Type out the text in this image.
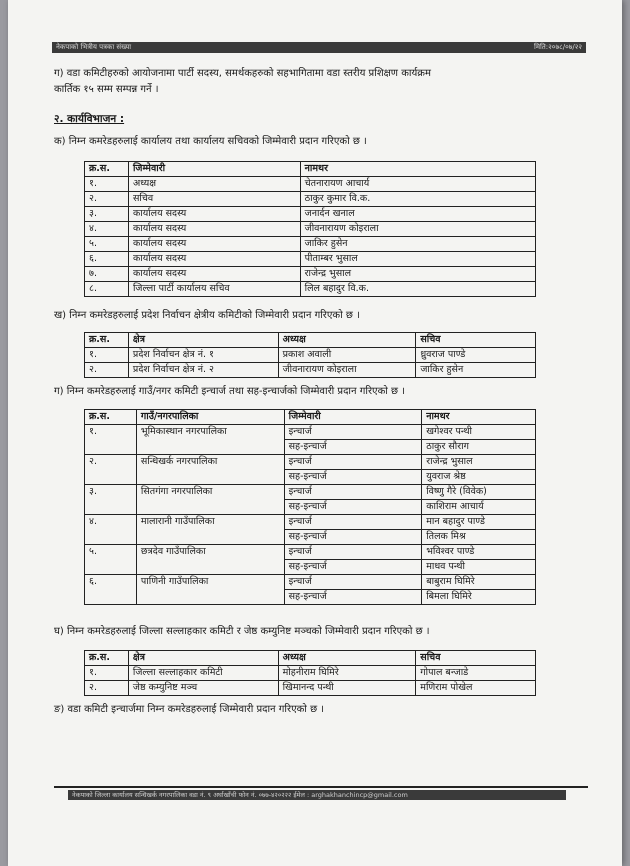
नेकपाको भित्रीय पत्रका संख्या	मिति:२०७८/०७/२२
ग) वडा कमिटीहरुको आयोजनामा पार्टी सदस्य, समर्थकहरुको सहभागितामा वडा स्तरीय प्रशिक्षण कार्यक्रम
कार्तिक १५ सम्म सम्पन्न गर्ने ।
२. कार्यविभाजन :
क) निम्न कमरेडहरुलाई कार्यालय तथा कार्यालय सचिवको जिम्मेवारी प्रदान गरिएको छ ।
क्र.स.	जिम्मेवारी	नामथर
१.	अध्यक्ष	चेतनारायण आचार्य
२.	सचिव	ठाकुर कुमार वि.क.
३.	कार्यालय सदस्य	जनार्दन खनाल
४.	कार्यालय सदस्य	जीवनारायण कोइराला
५.	कार्यालय सदस्य	जाकिर हुसेन
६.	कार्यालय सदस्य	पीताम्बर भुसाल
७.	कार्यालय सदस्य	राजेन्द्र भुसाल
८.	जिल्ला पार्टी कार्यालय सचिव	लिल बहादुर वि.क.
ख) निम्न कमरेडहरुलाई प्रदेश निर्वाचन क्षेत्रीय कमिटीको जिम्मेवारी प्रदान गरिएको छ ।
क्र.स.	क्षेत्र	अध्यक्ष	सचिव
१.	प्रदेश निर्वाचन क्षेत्र नं. १	प्रकाश अवाली	ध्रुवराज पाण्डे
२.	प्रदेश निर्वाचन क्षेत्र नं. २	जीवनारायण कोइराला	जाकिर हुसेन
ग) निम्न कमरेडहरुलाई गाउँ/नगर कमिटी इन्चार्ज तथा सह-इन्चार्जको जिम्मेवारी प्रदान गरिएको छ ।
क्र.स.	गाउँ/नगरपालिका	जिम्मेवारी	नामथर
१.	भूमिकास्थान नगरपालिका	इन्चार्ज	खगेश्वर पन्थी
		सह-इन्चार्ज	ठाकुर सौराग
२.	सन्धिखर्क नगरपालिका	इन्चार्ज	राजेन्द्र भुसाल
		सह-इन्चार्ज	युवराज श्रेष्ठ
३.	सितगंगा नगरपालिका	इन्चार्ज	विष्णु गैरे (विवेक)
		सह-इन्चार्ज	काशिराम आचार्य
४.	मालारानी गाउँपालिका	इन्चार्ज	मान बहादुर पाण्डे
		सह-इन्चार्ज	तिलक मिश्र
५.	छत्रदेव गाउँपालिका	इन्चार्ज	भविश्वर पाण्डे
		सह-इन्चार्ज	माधव पन्थी
६.	पाणिनी गाउँपालिका	इन्चार्ज	बाबुराम घिमिरे
		सह-इन्चार्ज	बिमला घिमिरे
घ) निम्न कमरेडहरुलाई जिल्ला सल्लाहकार कमिटी र जेष्ठ कम्युनिष्ट मञ्चको जिम्मेवारी प्रदान गरिएको छ ।
क्र.स.	क्षेत्र	अध्यक्ष	सचिव
१.	जिल्ला सल्लाहकार कमिटी	मोहनीराम घिमिरे	गोपाल बन्जाडे
२.	जेष्ठ कम्युनिष्ट मञ्च	खिमानन्द पन्थी	मणिराम पोखेल
ङ) वडा कमिटी इन्चार्जमा निम्न कमरेडहरुलाई जिम्मेवारी प्रदान गरिएको छ ।
नेकपाको जिल्ला कार्यालय सन्धिखर्क नगरपालिका वडा नं. ९ अर्घाखाँची फोन नं. ०७७-४२०२२२ ईमेल : arghakhanchincp@gmail.com
